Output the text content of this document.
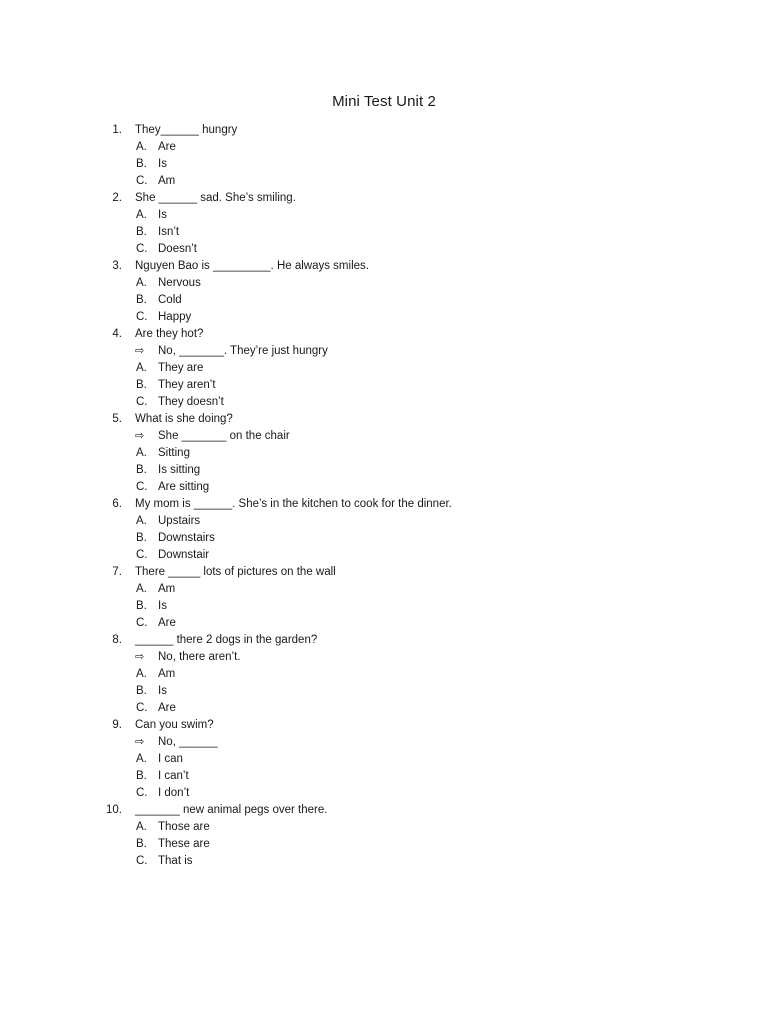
Mini Test Unit 2
1. They______ hungry
A. Are
B. Is
C. Am
2. She ______ sad. She’s smiling.
A. Is
B. Isn’t
C. Doesn’t
3. Nguyen Bao is _________. He always smiles.
A. Nervous
B. Cold
C. Happy
4. Are they hot?
⇨ No, _______. They’re just hungry
A. They are
B. They aren’t
C. They doesn’t
5. What is she doing?
⇨ She _______ on the chair
A. Sitting
B. Is sitting
C. Are sitting
6. My mom is ______. She’s in the kitchen to cook for the dinner.
A. Upstairs
B. Downstairs
C. Downstair
7. There _____ lots of pictures on the wall
A. Am
B. Is
C. Are
8. ______ there 2 dogs in the garden?
⇨ No, there aren’t.
A. Am
B. Is
C. Are
9. Can you swim?
⇨ No, ______
A. I can
B. I can’t
C. I don’t
10. _______ new animal pegs over there.
A. Those are
B. These are
C. That is
